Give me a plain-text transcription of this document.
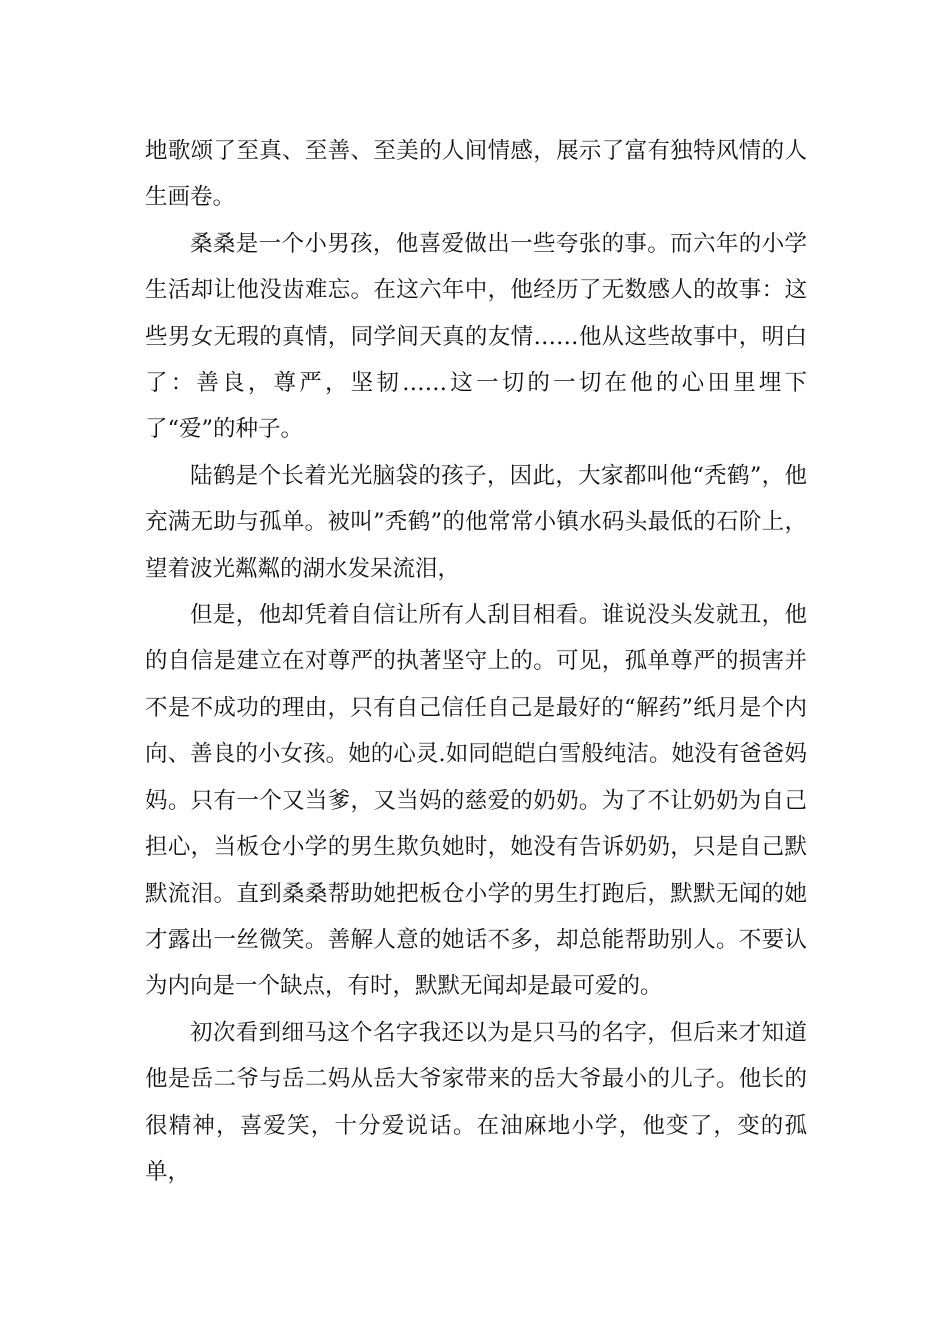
地歌颂了至真、至善、至美的人间情感，展示了富有独特风情的人生画卷。

桑桑是一个小男孩，他喜爱做出一些夸张的事。而六年的小学生活却让他没齿难忘。在这六年中，他经历了无数感人的故事：这些男女无瑕的真情，同学间天真的友情……他从这些故事中，明白了：善良，尊严，坚韧……这一切的一切在他的心田里埋下了“爱”的种子。

陆鹤是个长着光光脑袋的孩子，因此，大家都叫他“秃鹤”，他充满无助与孤单。被叫”秃鹤”的他常常小镇水码头最低的石阶上，望着波光粼粼的湖水发呆流泪，

但是，他却凭着自信让所有人刮目相看。谁说没头发就丑，他的自信是建立在对尊严的执著坚守上的。可见，孤单尊严的损害并不是不成功的理由，只有自己信任自己是最好的“解药”纸月是个内向、善良的小女孩。她的心灵.如同皑皑白雪般纯洁。她没有爸爸妈妈。只有一个又当爹，又当妈的慈爱的奶奶。为了不让奶奶为自己担心，当板仓小学的男生欺负她时，她没有告诉奶奶，只是自己默默流泪。直到桑桑帮助她把板仓小学的男生打跑后，默默无闻的她才露出一丝微笑。善解人意的她话不多，却总能帮助别人。不要认为内向是一个缺点，有时，默默无闻却是最可爱的。

初次看到细马这个名字我还以为是只马的名字，但后来才知道他是岳二爷与岳二妈从岳大爷家带来的岳大爷最小的儿子。他长的很精神，喜爱笑，十分爱说话。在油麻地小学，他变了，变的孤单，
